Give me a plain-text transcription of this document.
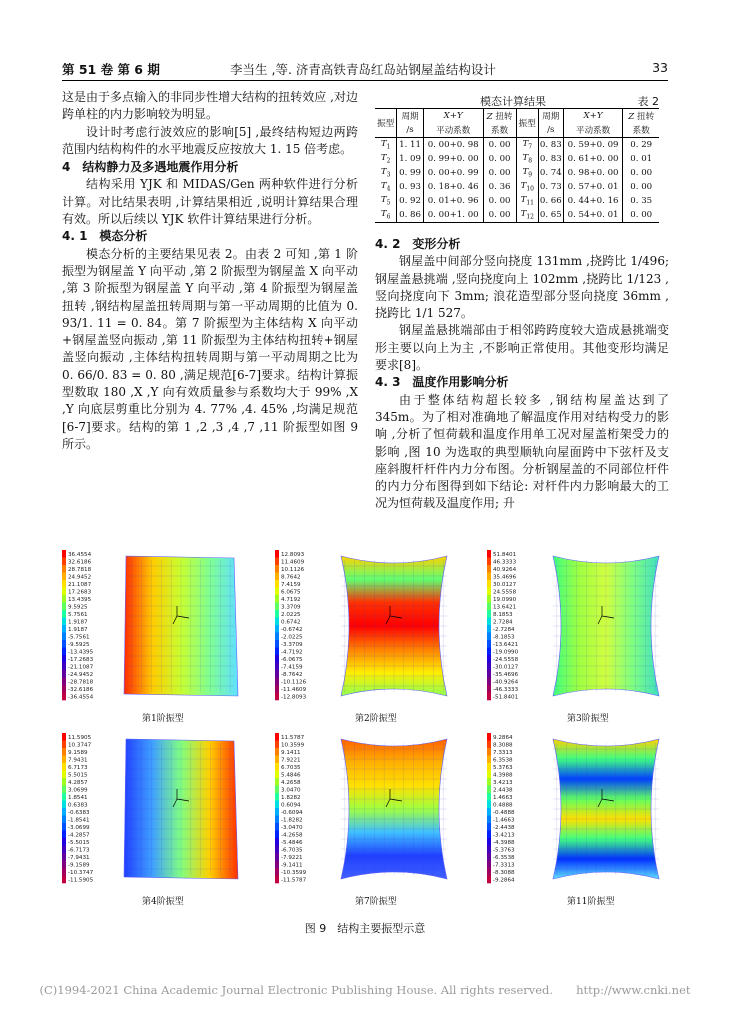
第 51 卷 第 6 期	李当生 ,等. 济青高铁青岛红岛站钢屋盖结构设计	33

这是由于多点输入的非同步性增大结构的扭转效应 ,对边跨单柱的内力影响较为明显。

设计时考虑行波效应的影响[5] ,最终结构短边两跨范围内结构构件的水平地震反应按放大 1. 15 倍考虑。

4　结构静力及多遇地震作用分析

结构采用 YJK 和 MIDAS/Gen 两种软件进行分析计算。对比结果表明 ,计算结果相近 ,说明计算结果合理有效。所以后续以 YJK 软件计算结果进行分析。

4. 1　模态分析

模态分析的主要结果见表 2。由表 2 可知 ,第 1 阶振型为钢屋盖 Y 向平动 ,第 2 阶振型为钢屋盖 X 向平动 ,第 3 阶振型为钢屋盖 Y 向平动 ,第 4 阶振型为钢屋盖扭转 ,钢结构屋盖扭转周期与第一平动周期的比值为 0. 93/1. 11 = 0. 84。第 7 阶振型为主体结构 X 向平动+钢屋盖竖向振动 ,第 11 阶振型为主体结构扭转+钢屋盖竖向振动 ,主体结构扭转周期与第一平动周期之比为 0. 66/0. 83 = 0. 80 ,满足规范[6-7]要求。结构计算振型数取 180 ,X ,Y 向有效质量参与系数均大于 99% ,X ,Y 向底层剪重比分别为 4. 77% ,4. 45% ,均满足规范[6-7]要求。结构的第 1 ,2 ,3 ,4 ,7 ,11 阶振型如图 9 所示。

模态计算结果	表 2
振型	周期	X+Y	Z 扭转	振型	周期	X+Y	Z 扭转
	/s	平动系数	系数		/s	平动系数	系数
$T_1$	1. 11	0. 00+0. 98	0. 00	$T_7$	0. 83	0. 59+0. 09	0. 29
$T_2$	1. 09	0. 99+0. 00	0. 00	$T_8$	0. 83	0. 61+0. 00	0. 01
$T_3$	0. 99	0. 00+0. 99	0. 00	$T_9$	0. 74	0. 98+0. 00	0. 00
$T_4$	0. 93	0. 18+0. 46	0. 36	$T_{10}$	0. 73	0. 57+0. 01	0. 00
$T_5$	0. 92	0. 01+0. 96	0. 00	$T_{11}$	0. 66	0. 44+0. 16	0. 35
$T_6$	0. 86	0. 00+1. 00	0. 00	$T_{12}$	0. 65	0. 54+0. 01	0. 00
4. 2　变形分析

钢屋盖中间部分竖向挠度 131mm ,挠跨比 1/496; 钢屋盖悬挑端 ,竖向挠度向上 102mm ,挠跨比 1/123 ,竖向挠度向下 3mm; 浪花造型部分竖向挠度 36mm ,挠跨比 1/1 527。

钢屋盖悬挑端部由于相邻跨跨度较大造成悬挑端变形主要以向上为主 ,不影响正常使用。其他变形均满足要求[8]。

4. 3　温度作用影响分析

由于整体结构超长较多 ,钢结构屋盖达到了 345m。为了相对准确地了解温度作用对结构受力的影响 ,分析了恒荷载和温度作用单工况对屋盖桁架受力的影响 ,图 10 为选取的典型顺轨向屋面跨中下弦杆及支座斜腹杆杆件内力分布图。分析钢屋盖的不同部位杆件的内力分布图得到如下结论: 对杆件内力影响最大的工况为恒荷载及温度作用; 升

36.4554
32.6186
28.7818
24.9452
21.1087
17.2683
13.4395
9.5925
5.7561
1.9187
1.9187
-5.7561
-9.5925
-13.4395
-17.2683
-21.1087
-24.9452
-28.7818
-32.6186
-36.4554
第1阶振型
12.8093
11.4609
10.1126
8.7642
7.4159
6.0675
4.7192
3.3709
2.0225
0.6742
-0.6742
-2.0225
-3.3709
-4.7192
-6.0675
-7.4159
-8.7642
-10.1126
-11.4609
-12.8093
第2阶振型
51.8401
46.3333
40.9264
35.4696
30.0127
24.5558
19.0990
13.6421
8.1853
2.7284
-2.7284
-8.1853
-13.6421
-19.0990
-24.5558
-30.0127
-35.4696
-40.9264
-46.3333
-51.8401
第3阶振型
11.5905
10.3747
9.1589
7.9431
6.7173
5.5015
4.2857
3.0699
1.8541
0.6383
-0.6383
-1.8541
-3.0699
-4.2857
-5.5015
-6.7173
-7.9431
-9.1589
-10.3747
-11.5905
第4阶振型
11.5787
10.3599
9.1411
7.9221
6.7035
5.4846
4.2658
3.0470
1.8282
0.6094
-0.6094
-1.8282
-3.0470
-4.2658
-5.4846
-6.7035
-7.9221
-9.1411
-10.3599
-11.5787
第7阶振型
9.2864
8.3088
7.3313
6.3538
5.3763
4.3988
3.4213
2.4438
1.4663
0.4888
-0.4888
-1.4663
-2.4438
-3.4213
-4.3988
-5.3763
-6.3538
-7.3313
-8.3088
-9.2864
第11阶振型
图 9　结构主要振型示意
(C)1994-2021 China Academic Journal Electronic Publishing House. All rights reserved.　　http://www.cnki.net
